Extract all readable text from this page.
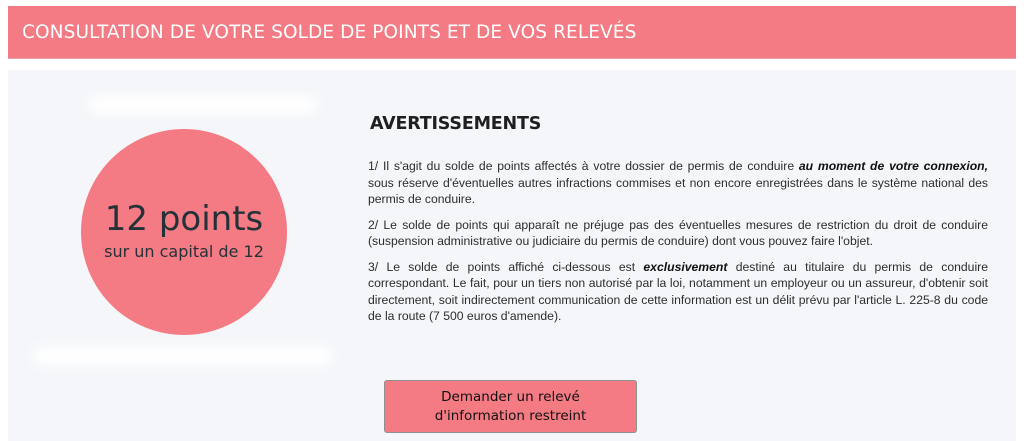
CONSULTATION DE VOTRE SOLDE DE POINTS ET DE VOS RELEVÉS
12 points
sur un capital de 12
AVERTISSEMENTS

1/ Il s'agit du solde de points affectés à votre dossier de permis de conduire au moment de votre connexion, sous réserve d'éventuelles autres infractions commises et non encore enregistrées dans le système national des permis de conduire.

2/ Le solde de points qui apparaît ne préjuge pas des éventuelles mesures de restriction du droit de conduire (suspension administrative ou judiciaire du permis de conduire) dont vous pouvez faire l'objet.

3/ Le solde de points affiché ci-dessous est exclusivement destiné au titulaire du permis de conduire correspondant. Le fait, pour un tiers non autorisé par la loi, notamment un employeur ou un assureur, d'obtenir soit directement, soit indirectement communication de cette information est un délit prévu par l'article L. 225-8 du code de la route (7 500 euros d'amende).

Demander un relevé
d'information restreint
